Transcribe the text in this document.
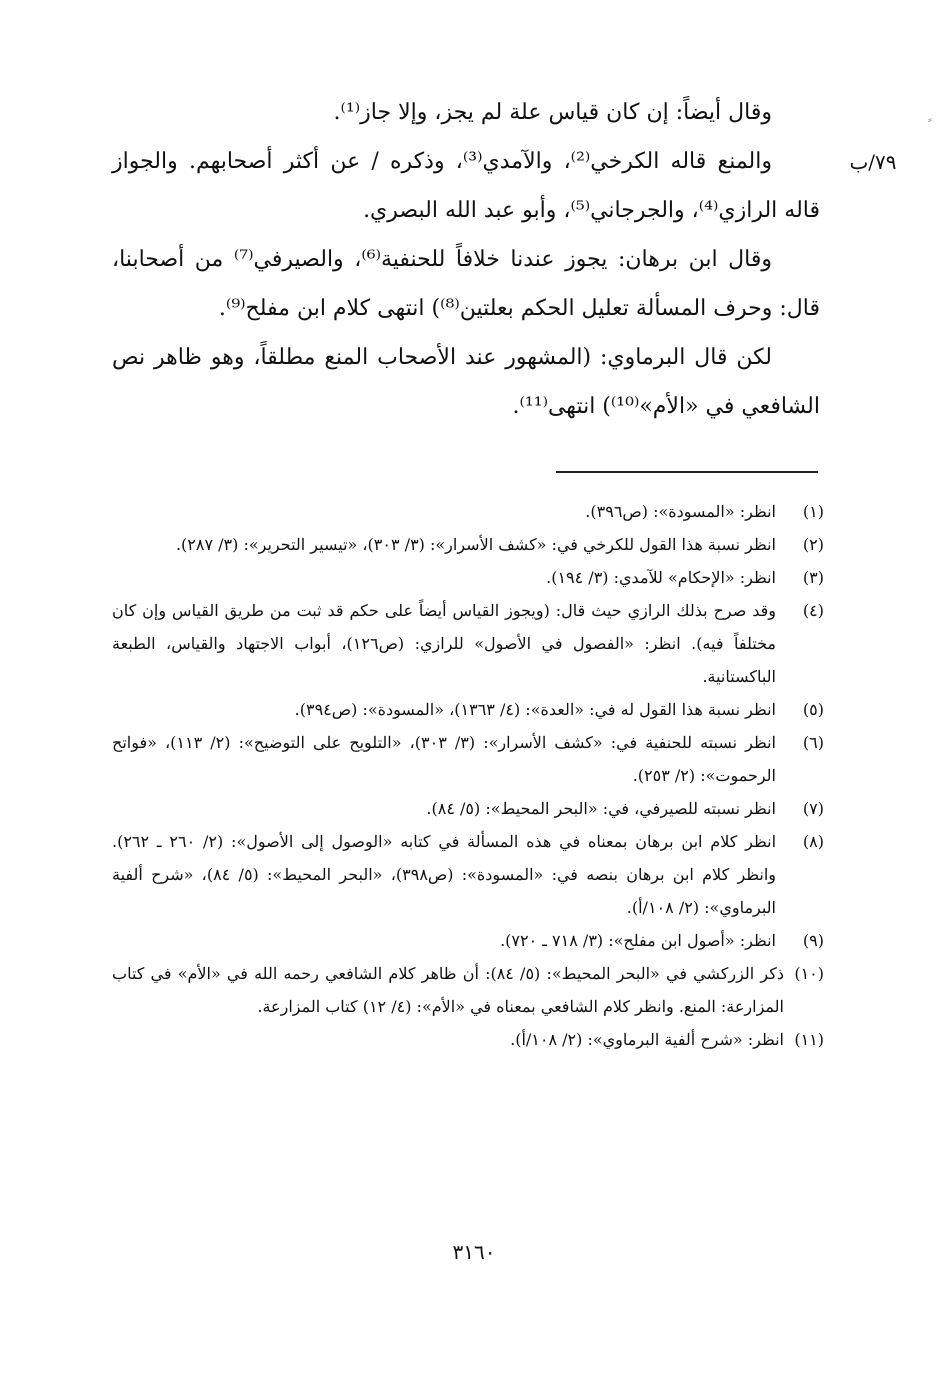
⸗
٧٩/ب

وقال أيضاً: إن كان قياس علة لم يجز، وإلا جاز⁽¹⁾.

والمنع قاله الكرخي⁽²⁾، والآمدي⁽³⁾، وذكره / عن أكثر أصحابهم. والجواز قاله الرازي⁽⁴⁾، والجرجاني⁽⁵⁾، وأبو عبد الله البصري.

وقال ابن برهان: يجوز عندنا خلافاً للحنفية⁽⁶⁾، والصيرفي⁽⁷⁾ من أصحابنا، قال: وحرف المسألة تعليل الحكم بعلتين⁽⁸⁾) انتهى كلام ابن مفلح⁽⁹⁾.

لكن قال البرماوي: (المشهور عند الأصحاب المنع مطلقاً، وهو ظاهر نص الشافعي في «الأم»⁽¹⁰⁾) انتهى⁽¹¹⁾.

(١)
انظر: «المسودة»: (ص٣٩٦).
(٢)
انظر نسبة هذا القول للكرخي في: «كشف الأسرار»: (٣/ ٣٠٣)، «تيسير التحرير»: (٣/ ٢٨٧).
(٣)
انظر: «الإحكام» للآمدي: (٣/ ١٩٤).
(٤)
وقد صرح بذلك الرازي حيث قال: (ويجوز القياس أيضاً على حكم قد ثبت من طريق القياس وإن كان مختلفاً فيه). انظر: «الفصول في الأصول» للرازي: (ص١٢٦)، أبواب الاجتهاد والقياس، الطبعة الباكستانية.
(٥)
انظر نسبة هذا القول له في: «العدة»: (٤/ ١٣٦٣)، «المسودة»: (ص٣٩٤).
(٦)
انظر نسبته للحنفية في: «كشف الأسرار»: (٣/ ٣٠٣)، «التلويح على التوضيح»: (٢/ ١١٣)، «فواتح الرحموت»: (٢/ ٢٥٣).
(٧)
انظر نسبته للصيرفي، في: «البحر المحيط»: (٥/ ٨٤).
(٨)
انظر كلام ابن برهان بمعناه في هذه المسألة في كتابه «الوصول إلى الأصول»: (٢/ ٢٦٠ ـ ٢٦٢). وانظر كلام ابن برهان بنصه في: «المسودة»: (ص٣٩٨)، «البحر المحيط»: (٥/ ٨٤)، «شرح ألفية البرماوي»: (٢/ ١٠٨/أ).
(٩)
انظر: «أصول ابن مفلح»: (٣/ ٧١٨ ـ ٧٢٠).
(١٠)
ذكر الزركشي في «البحر المحيط»: (٥/ ٨٤): أن ظاهر كلام الشافعي رحمه الله في «الأم» في كتاب المزارعة: المنع. وانظر كلام الشافعي بمعناه في «الأم»: (٤/ ١٢) كتاب المزارعة.
(١١)
انظر: «شرح ألفية البرماوي»: (٢/ ١٠٨/أ).
٣١٦٠
